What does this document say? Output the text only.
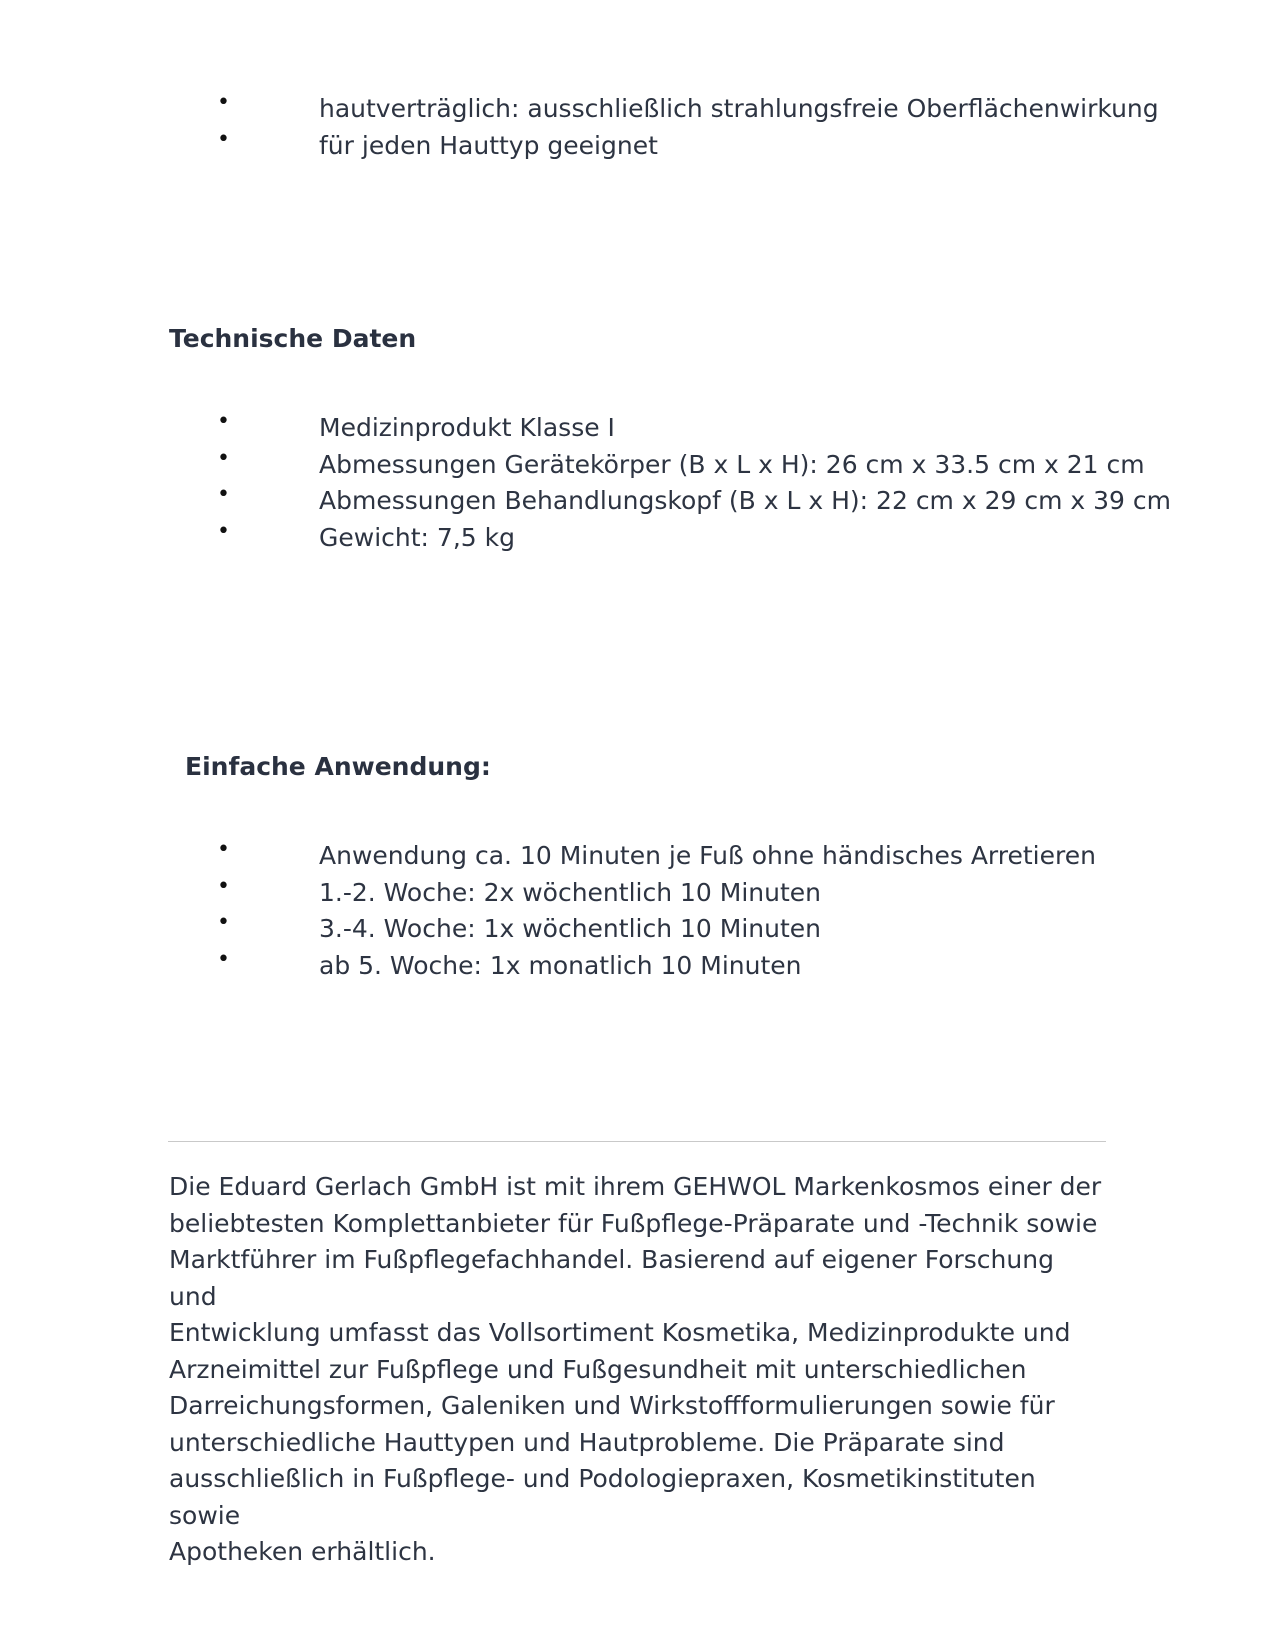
•	hautverträglich: ausschließlich strahlungsfreie Oberflächenwirkung
•	für jeden Hauttyp geeignet
Technische Daten
•	Medizinprodukt Klasse I
•	Abmessungen Gerätekörper (B x L x H): 26 cm x 33.5 cm x 21 cm
•	Abmessungen Behandlungskopf (B x L x H): 22 cm x 29 cm x 39 cm
•	Gewicht: 7,5 kg
Einfache Anwendung:
•	Anwendung ca. 10 Minuten je Fuß ohne händisches Arretieren
•	1.-2. Woche: 2x wöchentlich 10 Minuten
•	3.-4. Woche: 1x wöchentlich 10 Minuten
•	ab 5. Woche: 1x monatlich 10 Minuten

Die Eduard Gerlach GmbH ist mit ihrem GEHWOL Markenkosmos einer der
beliebtesten Komplettanbieter für Fußpflege-Präparate und -Technik sowie
Marktführer im Fußpflegefachhandel. Basierend auf eigener Forschung und
Entwicklung umfasst das Vollsortiment Kosmetika, Medizinprodukte und
Arzneimittel zur Fußpflege und Fußgesundheit mit unterschiedlichen
Darreichungsformen, Galeniken und Wirkstoffformulierungen sowie für
unterschiedliche Hauttypen und Hautprobleme. Die Präparate sind
ausschließlich in Fußpflege- und Podologiepraxen, Kosmetikinstituten sowie
Apotheken erhältlich.
